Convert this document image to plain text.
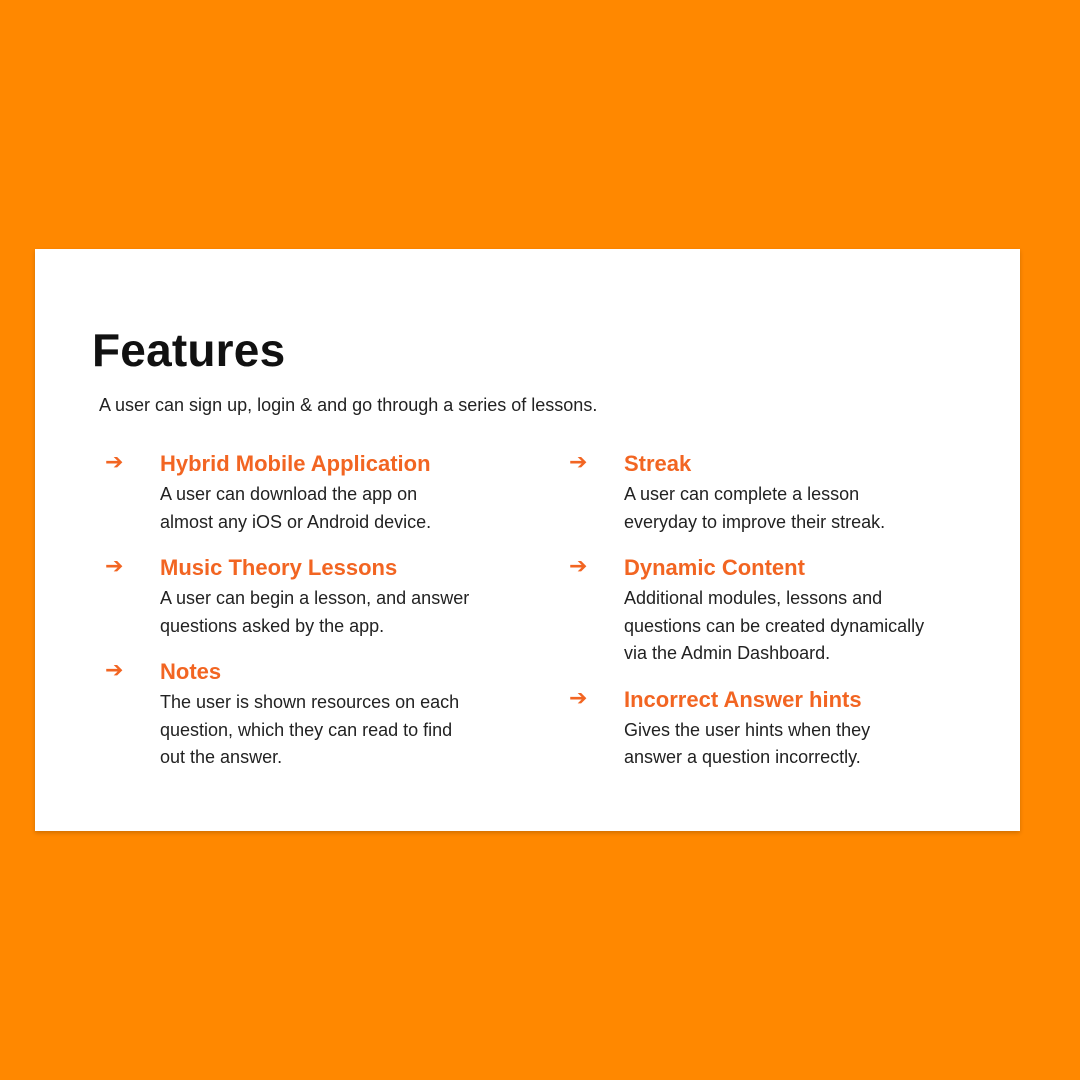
Features

A user can sign up, login & and go through a series of lessons.

➔ Hybrid Mobile Application
A user can download the app on
almost any iOS or Android device.
➔ Music Theory Lessons
A user can begin a lesson, and answer
questions asked by the app.
➔ Notes
The user is shown resources on each
question, which they can read to find
out the answer.
➔ Streak
A user can complete a lesson
everyday to improve their streak.
➔ Dynamic Content
Additional modules, lessons and
questions can be created dynamically
via the Admin Dashboard.
➔ Incorrect Answer hints
Gives the user hints when they
answer a question incorrectly.
